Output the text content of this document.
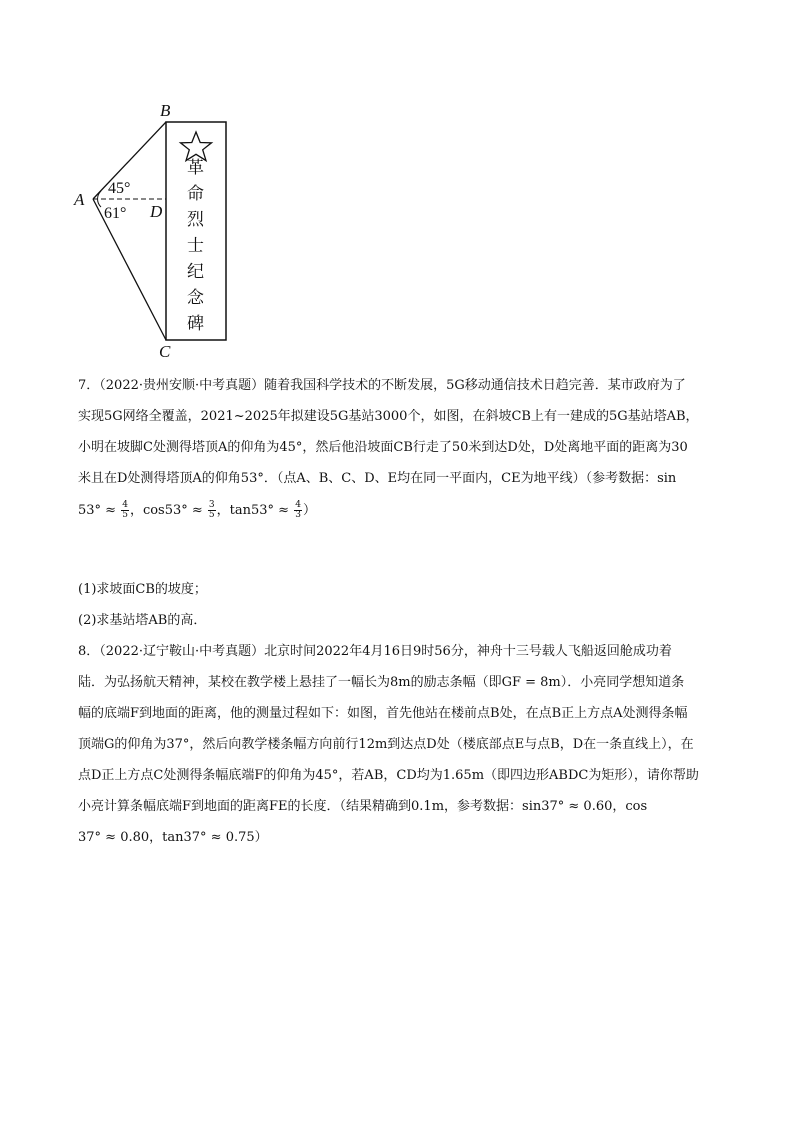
B
A
D
C
45°
61°
革
命
烈
士
纪
念
碑

7．（2022·贵州安顺·中考真题）随着我国科学技术的不断发展，5G移动通信技术日趋完善．某市政府为了

实现5G网络全覆盖，2021~2025年拟建设5G基站3000个，如图，在斜坡CB上有一建成的5G基站塔AB，

小明在坡脚C处测得塔顶A的仰角为45°，然后他沿坡面CB行走了50米到达D处，D处离地平面的距离为30

米且在D处测得塔顶A的仰角53°．（点A、B、C、D、E均在同一平面内，CE为地平线）（参考数据：sin

$53^\circ \approx \frac{4}{5}$ ，$\cos 53^\circ \approx \frac{3}{5}$ ，$\tan 53^\circ \approx \frac{4}{3}$ ）

(1)求坡面CB的坡度；

(2)求基站塔AB的高．

8．（2022·辽宁鞍山·中考真题）北京时间2022年4月16日9时56分，神舟十三号载人飞船返回舱成功着

陆．为弘扬航天精神，某校在教学楼上悬挂了一幅长为8m的励志条幅（即GF = 8m）．小亮同学想知道条

幅的底端F到地面的距离，他的测量过程如下：如图，首先他站在楼前点B处，在点B正上方点A处测得条幅

顶端G的仰角为37°，然后向教学楼条幅方向前行12m到达点D处（楼底部点E与点B，D在一条直线上），在

点D正上方点C处测得条幅底端F的仰角为45°，若AB，CD均为1.65m（即四边形ABDC为矩形），请你帮助

小亮计算条幅底端F到地面的距离FE的长度．（结果精确到0.1m，参考数据：sin37° ≈ 0.60，cos

37° ≈ 0.80，tan37° ≈ 0.75）
